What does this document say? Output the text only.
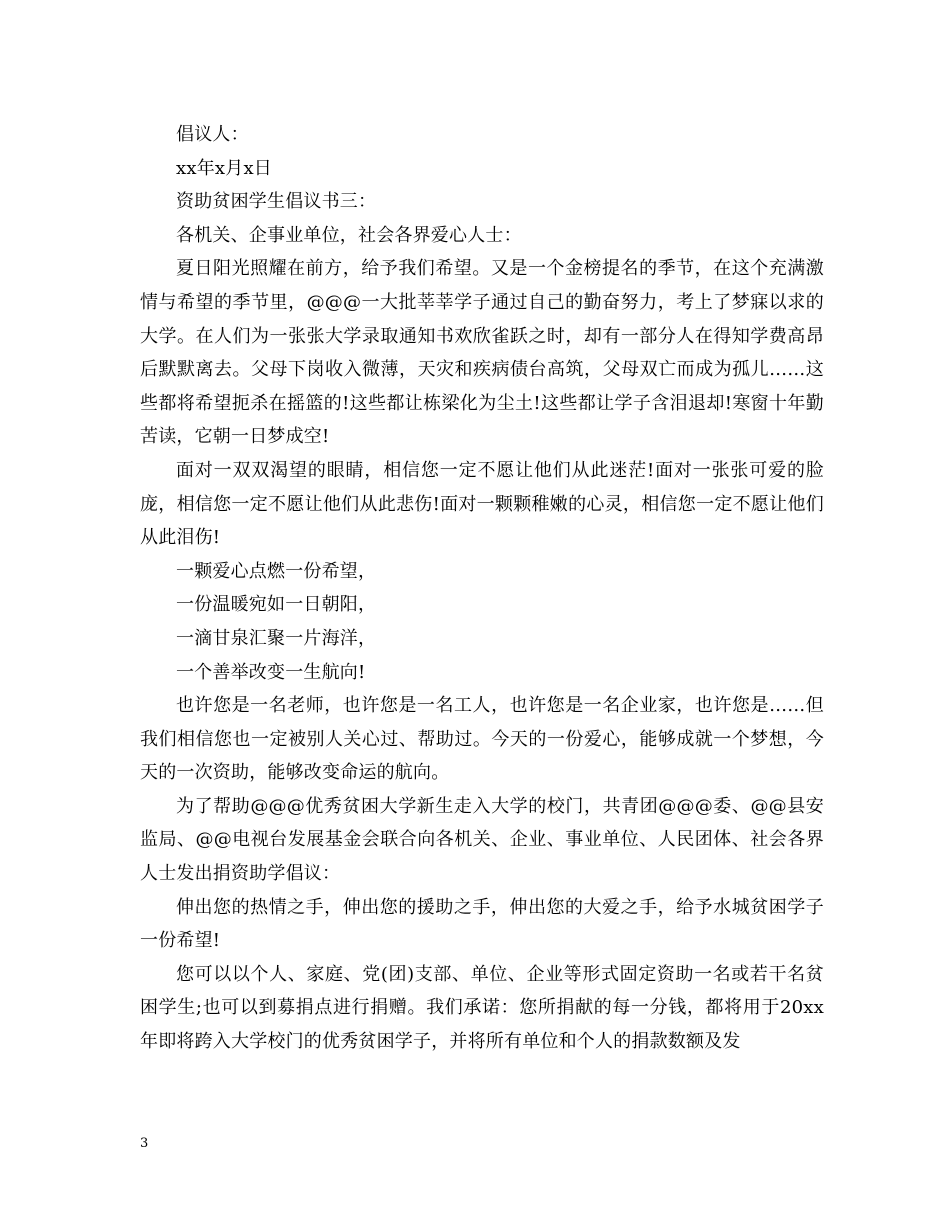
倡议人：

xx年x月x日

资助贫困学生倡议书三：

各机关、企事业单位，社会各界爱心人士：

夏日阳光照耀在前方，给予我们希望。又是一个金榜提名的季节，在这个充满激情与希望的季节里，@@@一大批莘莘学子通过自己的勤奋努力，考上了梦寐以求的大学。在人们为一张张大学录取通知书欢欣雀跃之时，却有一部分人在得知学费高昂后默默离去。父母下岗收入微薄，天灾和疾病债台高筑，父母双亡而成为孤儿……这些都将希望扼杀在摇篮的!这些都让栋梁化为尘土!这些都让学子含泪退却!寒窗十年勤苦读，它朝一日梦成空!

面对一双双渴望的眼睛，相信您一定不愿让他们从此迷茫!面对一张张可爱的脸庞，相信您一定不愿让他们从此悲伤!面对一颗颗稚嫩的心灵，相信您一定不愿让他们从此泪伤!

一颗爱心点燃一份希望，

一份温暖宛如一日朝阳，

一滴甘泉汇聚一片海洋，

一个善举改变一生航向!

也许您是一名老师，也许您是一名工人，也许您是一名企业家，也许您是……但我们相信您也一定被别人关心过、帮助过。今天的一份爱心，能够成就一个梦想，今天的一次资助，能够改变命运的航向。

为了帮助@@@优秀贫困大学新生走入大学的校门，共青团@@@委、@@县安监局、@@电视台发展基金会联合向各机关、企业、事业单位、人民团体、社会各界人士发出捐资助学倡议：

伸出您的热情之手，伸出您的援助之手，伸出您的大爱之手，给予水城贫困学子一份希望!

您可以以个人、家庭、党(团)支部、单位、企业等形式固定资助一名或若干名贫困学生;也可以到募捐点进行捐赠。我们承诺：您所捐献的每一分钱，都将用于20xx年即将跨入大学校门的优秀贫困学子，并将所有单位和个人的捐款数额及发

3
